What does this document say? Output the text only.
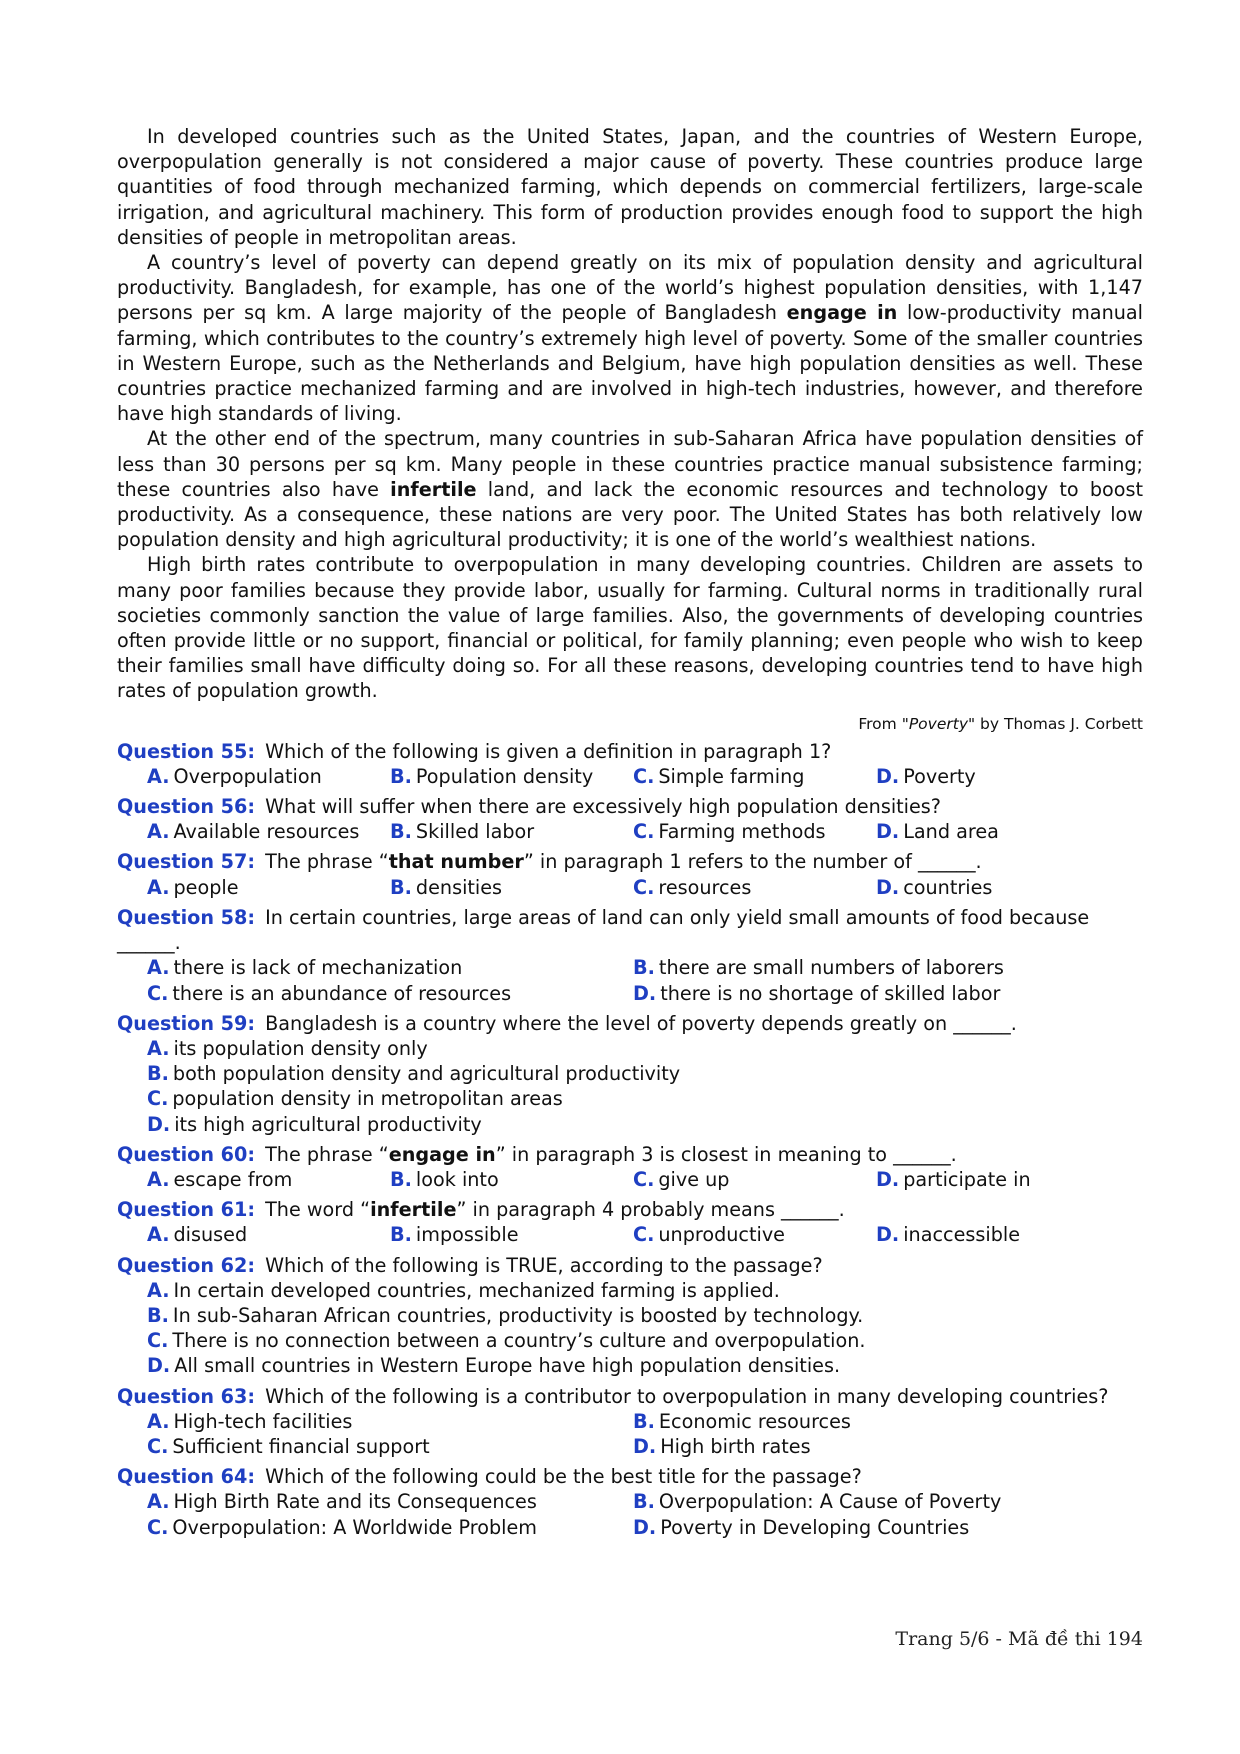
In developed countries such as the United States, Japan, and the countries of Western Europe, overpopulation generally is not considered a major cause of poverty. These countries produce large quantities of food through mechanized farming, which depends on commercial fertilizers, large-scale irrigation, and agricultural machinery. This form of production provides enough food to support the high densities of people in metropolitan areas.

A country’s level of poverty can depend greatly on its mix of population density and agricultural productivity. Bangladesh, for example, has one of the world’s highest population densities, with 1,147 persons per sq km. A large majority of the people of Bangladesh engage in low-productivity manual farming, which contributes to the country’s extremely high level of poverty. Some of the smaller countries in Western Europe, such as the Netherlands and Belgium, have high population densities as well. These countries practice mechanized farming and are involved in high-tech industries, however, and therefore have high standards of living.

At the other end of the spectrum, many countries in sub-Saharan Africa have population densities of less than 30 persons per sq km. Many people in these countries practice manual subsistence farming; these countries also have infertile land, and lack the economic resources and technology to boost productivity. As a consequence, these nations are very poor. The United States has both relatively low population density and high agricultural productivity; it is one of the world’s wealthiest nations.

High birth rates contribute to overpopulation in many developing countries. Children are assets to many poor families because they provide labor, usually for farming. Cultural norms in traditionally rural societies commonly sanction the value of large families. Also, the governments of developing countries often provide little or no support, financial or political, for family planning; even people who wish to keep their families small have difficulty doing so. For all these reasons, developing countries tend to have high rates of population growth.

From "Poverty" by Thomas J. Corbett
Question 55: Which of the following is given a definition in paragraph 1?
A. Overpopulation	B. Population density	C. Simple farming	D. Poverty
Question 56: What will suffer when there are excessively high population densities?
A. Available resources	B. Skilled labor	C. Farming methods	D. Land area
Question 57: The phrase “that number” in paragraph 1 refers to the number of ______.
A. people	B. densities	C. resources	D. countries
Question 58: In certain countries, large areas of land can only yield small amounts of food because ______.
A. there is lack of mechanization	B. there are small numbers of laborers
C. there is an abundance of resources	D. there is no shortage of skilled labor
Question 59: Bangladesh is a country where the level of poverty depends greatly on ______.
A. its population density only
B. both population density and agricultural productivity
C. population density in metropolitan areas
D. its high agricultural productivity
Question 60: The phrase “engage in” in paragraph 3 is closest in meaning to ______.
A. escape from	B. look into	C. give up	D. participate in
Question 61: The word “infertile” in paragraph 4 probably means ______.
A. disused	B. impossible	C. unproductive	D. inaccessible
Question 62: Which of the following is TRUE, according to the passage?
A. In certain developed countries, mechanized farming is applied.
B. In sub-Saharan African countries, productivity is boosted by technology.
C. There is no connection between a country’s culture and overpopulation.
D. All small countries in Western Europe have high population densities.
Question 63: Which of the following is a contributor to overpopulation in many developing countries?
A. High-tech facilities	B. Economic resources
C. Sufficient financial support	D. High birth rates
Question 64: Which of the following could be the best title for the passage?
A. High Birth Rate and its Consequences	B. Overpopulation: A Cause of Poverty
C. Overpopulation: A Worldwide Problem	D. Poverty in Developing Countries
Trang 5/6 - Mã đề thi 194
